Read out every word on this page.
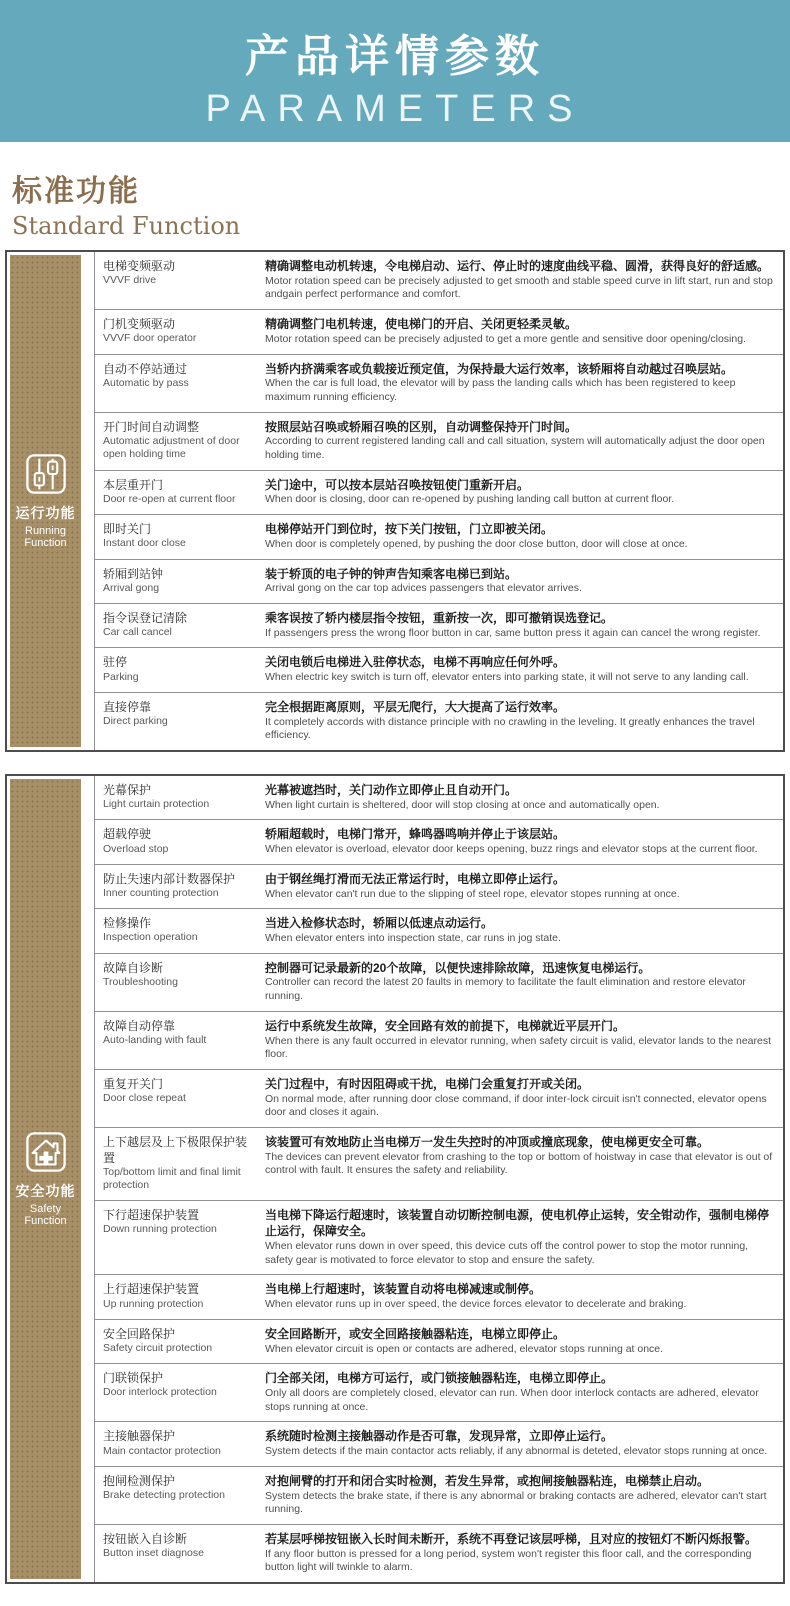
产品详情参数
PARAMETERS
标准功能
Standard Function
运行功能
Running Function
电梯变频驱动
VVVF drive
精确调整电动机转速，令电梯启动、运行、停止时的速度曲线平稳、圆滑，获得良好的舒适感。
Motor rotation speed can be precisely adjusted to get smooth and stable speed curve in lift start, run and stop andgain perfect performance and comfort.
门机变频驱动
VVVF door operator
精确调整门电机转速，使电梯门的开启、关闭更轻柔灵敏。
Motor rotation speed can be precisely adjusted to get a more gentle and sensitive door opening/closing.
自动不停站通过
Automatic by pass
当轿内挤满乘客或负载接近预定值，为保持最大运行效率，该轿厢将自动越过召唤层站。
When the car is full load, the elevator will by pass the landing calls which has been registered to keep maximum running efficiency.
开门时间自动调整
Automatic adjustment of door open holding time
按照层站召唤或轿厢召唤的区别，自动调整保持开门时间。
According to current registered landing call and call situation, system will automatically adjust the door open holding time.
本层重开门
Door re-open at current floor
关门途中，可以按本层站召唤按钮使门重新开启。
When door is closing, door can re-opened by pushing landing call button at current floor.
即时关门
Instant door close
电梯停站开门到位时，按下关门按钮，门立即被关闭。
When door is completely opened, by pushing the door close button, door will close at once.
轿厢到站钟
Arrival gong
装于轿顶的电子钟的钟声告知乘客电梯已到站。
Arrival gong on the car top advices passengers that elevator arrives.
指令误登记清除
Car call cancel
乘客误按了轿内楼层指令按钮，重新按一次，即可撤销误选登记。
If passengers press the wrong floor button in car, same button press it again can cancel the wrong register.
驻停
Parking
关闭电锁后电梯进入驻停状态，电梯不再响应任何外呼。
When electric key switch is turn off, elevator enters into parking state, it will not serve to any landing call.
直接停靠
Direct parking
完全根据距离原则，平层无爬行，大大提高了运行效率。
It completely accords with distance principle with no crawling in the leveling. It greatly enhances the travel efficiency.
安全功能
Safety Function
光幕保护
Light curtain protection
光幕被遮挡时，关门动作立即停止且自动开门。
When light curtain is sheltered, door will stop closing at once and automatically open.
超载停驶
Overload stop
轿厢超载时，电梯门常开，蜂鸣器鸣响并停止于该层站。
When elevator is overload, elevator door keeps opening, buzz rings and elevator stops at the current floor.
防止失速内部计数器保护
Inner counting protection
由于钢丝绳打滑而无法正常运行时，电梯立即停止运行。
When elevator can't run due to the slipping of steel rope, elevator stopes running at once.
检修操作
Inspection operation
当进入检修状态时，轿厢以低速点动运行。
When elevator enters into inspection state, car runs in jog state.
故障自诊断
Troubleshooting
控制器可记录最新的20个故障，以便快速排除故障，迅速恢复电梯运行。
Controller can record the latest 20 faults in memory to facilitate the fault elimination and restore elevator running.
故障自动停靠
Auto-landing with fault
运行中系统发生故障，安全回路有效的前提下，电梯就近平层开门。
When there is any fault occurred in elevator running, when safety circuit is valid, elevator lands to the nearest floor.
重复开关门
Door close repeat
关门过程中，有时因阻碍或干扰，电梯门会重复打开或关闭。
On normal mode, after running door close command, if door inter-lock circuit isn't connected, elevator opens door and closes it again.
上下越层及上下极限保护装置
Top/bottom limit and final limit protection
该装置可有效地防止当电梯万一发生失控时的冲顶或撞底现象，使电梯更安全可靠。
The devices can prevent elevator from crashing to the top or bottom of hoistway in case that elevator is out of control with fault. It ensures the safety and reliability.
下行超速保护装置
Down running protection
当电梯下降运行超速时，该装置自动切断控制电源，使电机停止运转，安全钳动作，强制电梯停止运行，保障安全。
When elevator runs down in over speed, this device cuts off the control power to stop the motor running, safety gear is motivated to force elevator to stop and ensure the safety.
上行超速保护装置
Up running protection
当电梯上行超速时，该装置自动将电梯减速或制停。
When elevator runs up in over speed, the device forces elevator to decelerate and braking.
安全回路保护
Safety circuit protection
安全回路断开，或安全回路接触器粘连，电梯立即停止。
When elevator circuit is open or contacts are adhered, elevator stops running at once.
门联锁保护
Door interlock protection
门全部关闭，电梯方可运行，或门锁接触器粘连，电梯立即停止。
Only all doors are completely closed, elevator can run. When door interlock contacts are adhered, elevator stops running at once.
主接触器保护
Main contactor protection
系统随时检测主接触器动作是否可靠，发现异常，立即停止运行。
System detects if the main contactor acts reliably, if any abnormal is deteted, elevator stops running at once.
抱闸检测保护
Brake detecting protection
对抱闸臂的打开和闭合实时检测，若发生异常，或抱闸接触器粘连，电梯禁止启动。
System detects the brake state, if there is any abnormal or braking contacts are adhered, elevator can't start running.
按钮嵌入自诊断
Button inset diagnose
若某层呼梯按钮嵌入长时间未断开，系统不再登记该层呼梯，且对应的按钮灯不断闪烁报警。
If any floor button is pressed for a long period, system won't register this floor call, and the corresponding button light will twinkle to alarm.
